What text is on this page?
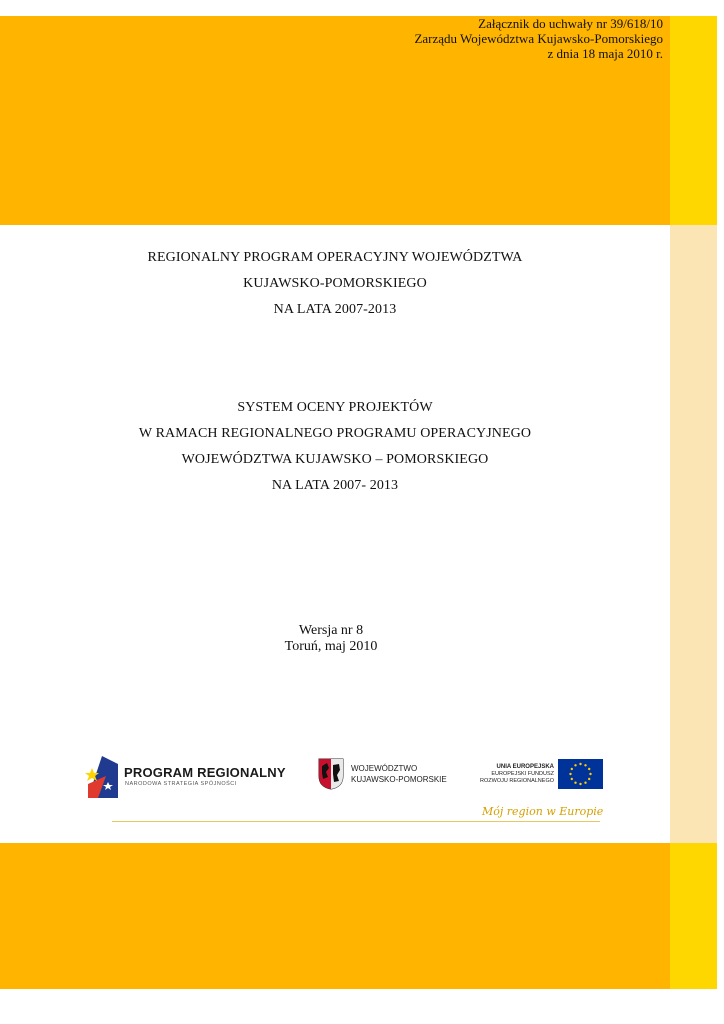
Załącznik do uchwały nr 39/618/10
Zarządu Województwa Kujawsko-Pomorskiego
z dnia 18 maja 2010 r.
REGIONALNY PROGRAM OPERACYJNY WOJEWÓDZTWA
KUJAWSKO-POMORSKIEGO
NA LATA 2007-2013
SYSTEM OCENY PROJEKTÓW
W RAMACH REGIONALNEGO PROGRAMU OPERACYJNEGO
WOJEWÓDZTWA KUJAWSKO – POMORSKIEGO
NA LATA 2007- 2013
Wersja nr 8
Toruń, maj 2010
PROGRAM REGIONALNY
NARODOWA STRATEGIA SPÓJNOŚCI
WOJEWÓDZTWO
KUJAWSKO-POMORSKIE
UNIA EUROPEJSKA
EUROPEJSKI FUNDUSZ
ROZWOJU REGIONALNEGO
Mój region w Europie
